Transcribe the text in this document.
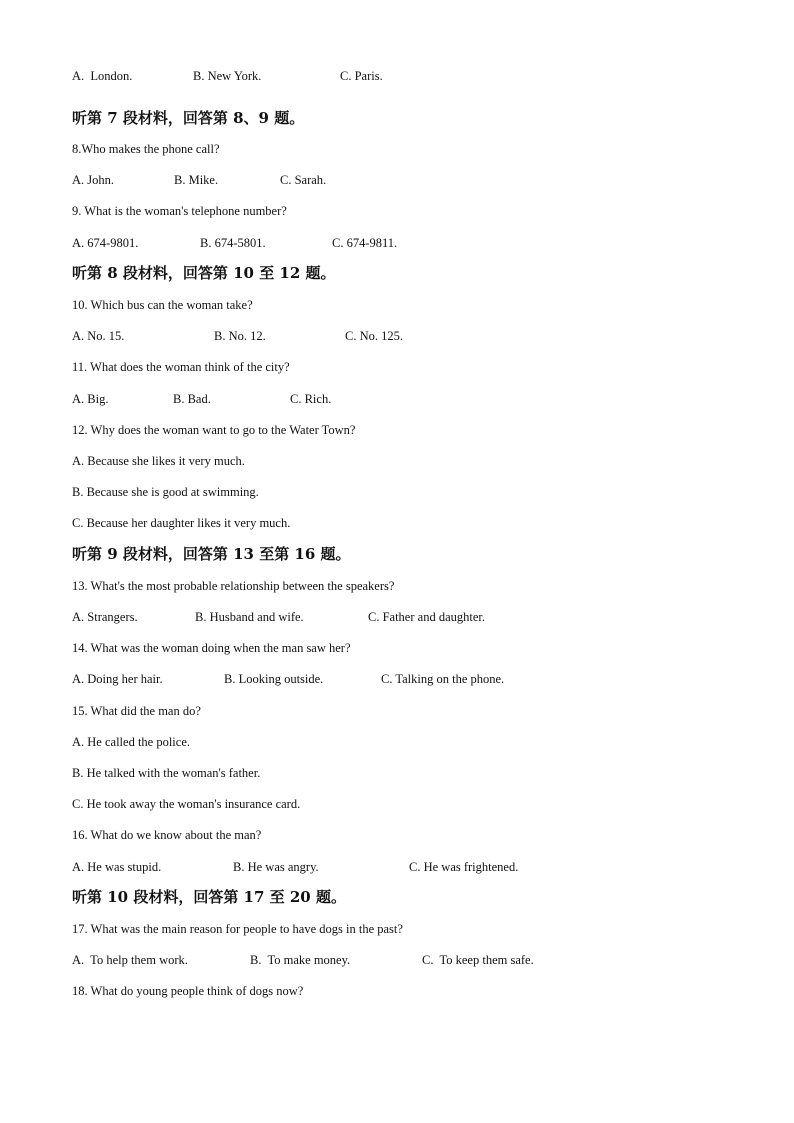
A.  London.	B. New York.	C. Paris.
听第 7 段材料，回答第 8、9 题。
8.Who makes the phone call?
A. John.	B. Mike.	C. Sarah.
9. What is the woman's telephone number?
A. 674-9801.	B. 674-5801.	C. 674-9811.
听第 8 段材料，回答第 10 至 12 题。
10. Which bus can the woman take?
A. No. 15.	B. No. 12.	C. No. 125.
11. What does the woman think of the city?
A. Big.	B. Bad.	C. Rich.
12. Why does the woman want to go to the Water Town?
A. Because she likes it very much.
B. Because she is good at swimming.
C. Because her daughter likes it very much.
听第 9 段材料，回答第 13 至第 16 题。
13. What's the most probable relationship between the speakers?
A. Strangers.	B. Husband and wife.	C. Father and daughter.
14. What was the woman doing when the man saw her?
A. Doing her hair.	B. Looking outside.	C. Talking on the phone.
15. What did the man do?
A. He called the police.
B. He talked with the woman's father.
C. He took away the woman's insurance card.
16. What do we know about the man?
A. He was stupid.	B. He was angry.	C. He was frightened.
听第 10 段材料，回答第 17 至 20 题。
17. What was the main reason for people to have dogs in the past?
A.  To help them work.	B.  To make money.	C.  To keep them safe.
18. What do young people think of dogs now?
